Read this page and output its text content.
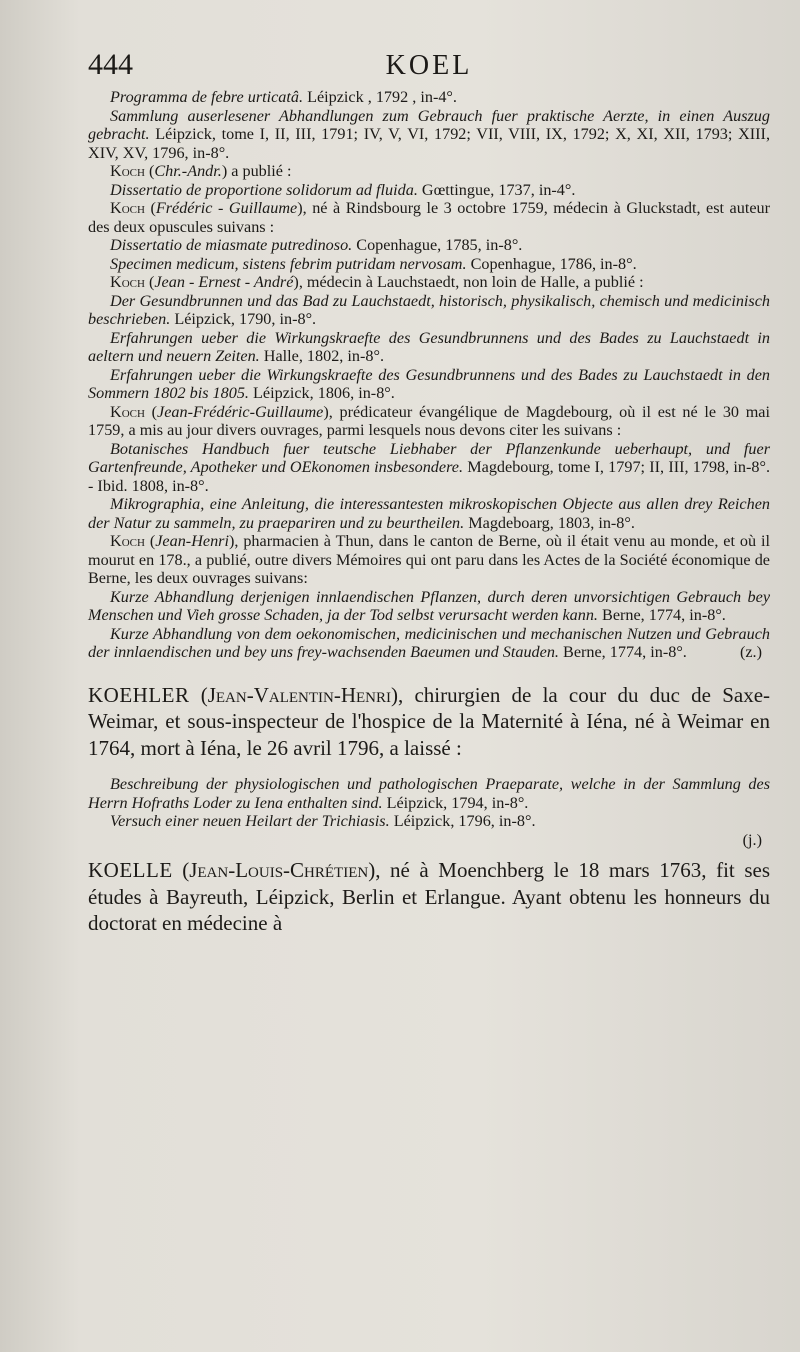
444	KOEL

Programma de febre urticatâ. Léipzick , 1792 , in-4°.

Sammlung auserlesener Abhandlungen zum Gebrauch fuer praktische Aerzte, in einen Auszug gebracht. Léipzick, tome I, II, III, 1791; IV, V, VI, 1792; VII, VIII, IX, 1792; X, XI, XII, 1793; XIII, XIV, XV, 1796, in-8°.

Koch (Chr.-Andr.) a publié :

Dissertatio de proportione solidorum ad fluida. Gœttingue, 1737, in-4°.

Koch (Frédéric - Guillaume), né à Rindsbourg le 3 octobre 1759, médecin à Gluckstadt, est auteur des deux opuscules suivans :

Dissertatio de miasmate putredinoso. Copenhague, 1785, in-8°.

Specimen medicum, sistens febrim putridam nervosam. Copenhague, 1786, in-8°.

Koch (Jean - Ernest - André), médecin à Lauchstaedt, non loin de Halle, a publié :

Der Gesundbrunnen und das Bad zu Lauchstaedt, historisch, physikalisch, chemisch und medicinisch beschrieben. Léipzick, 1790, in-8°.

Erfahrungen ueber die Wirkungskraefte des Gesundbrunnens und des Bades zu Lauchstaedt in aeltern und neuern Zeiten. Halle, 1802, in-8°.

Erfahrungen ueber die Wirkungskraefte des Gesundbrunnens und des Bades zu Lauchstaedt in den Sommern 1802 bis 1805. Léipzick, 1806, in-8°.

Koch (Jean-Frédéric-Guillaume), prédicateur évangélique de Magdebourg, où il est né le 30 mai 1759, a mis au jour divers ouvrages, parmi lesquels nous devons citer les suivans :

Botanisches Handbuch fuer teutsche Liebhaber der Pflanzenkunde ueberhaupt, und fuer Gartenfreunde, Apotheker und OEkonomen insbesondere. Magdebourg, tome I, 1797; II, III, 1798, in-8°. - Ibid. 1808, in-8°.

Mikrographia, eine Anleitung, die interessantesten mikroskopischen Objecte aus allen drey Reichen der Natur zu sammeln, zu praepariren und zu beurtheilen. Magdeboarg, 1803, in-8°.

Koch (Jean-Henri), pharmacien à Thun, dans le canton de Berne, où il était venu au monde, et où il mourut en 178., a publié, outre divers Mémoires qui ont paru dans les Actes de la Société économique de Berne, les deux ouvrages suivans:

Kurze Abhandlung derjenigen innlaendischen Pflanzen, durch deren unvorsichtigen Gebrauch bey Menschen und Vieh grosse Schaden, ja der Tod selbst verursacht werden kann. Berne, 1774, in-8°.

Kurze Abhandlung von dem oekonomischen, medicinischen und mechanischen Nutzen und Gebrauch der innlaendischen und bey uns frey-wachsenden Baeumen und Stauden. Berne, 1774, in-8°.	(z.)

KOEHLER (Jean-Valentin-Henri), chirurgien de la cour du duc de Saxe-Weimar, et sous-inspecteur de l'hospice de la Maternité à Iéna, né à Weimar en 1764, mort à Iéna, le 26 avril 1796, a laissé :

Beschreibung der physiologischen und pathologischen Praeparate, welche in der Sammlung des Herrn Hofraths Loder zu Iena enthalten sind. Léipzick, 1794, in-8°.

Versuch einer neuen Heilart der Trichiasis. Léipzick, 1796, in-8°.

(j.)

KOELLE (Jean-Louis-Chrétien), né à Moenchberg le 18 mars 1763, fit ses études à Bayreuth, Léipzick, Berlin et Erlangue. Ayant obtenu les honneurs du doctorat en médecine à
